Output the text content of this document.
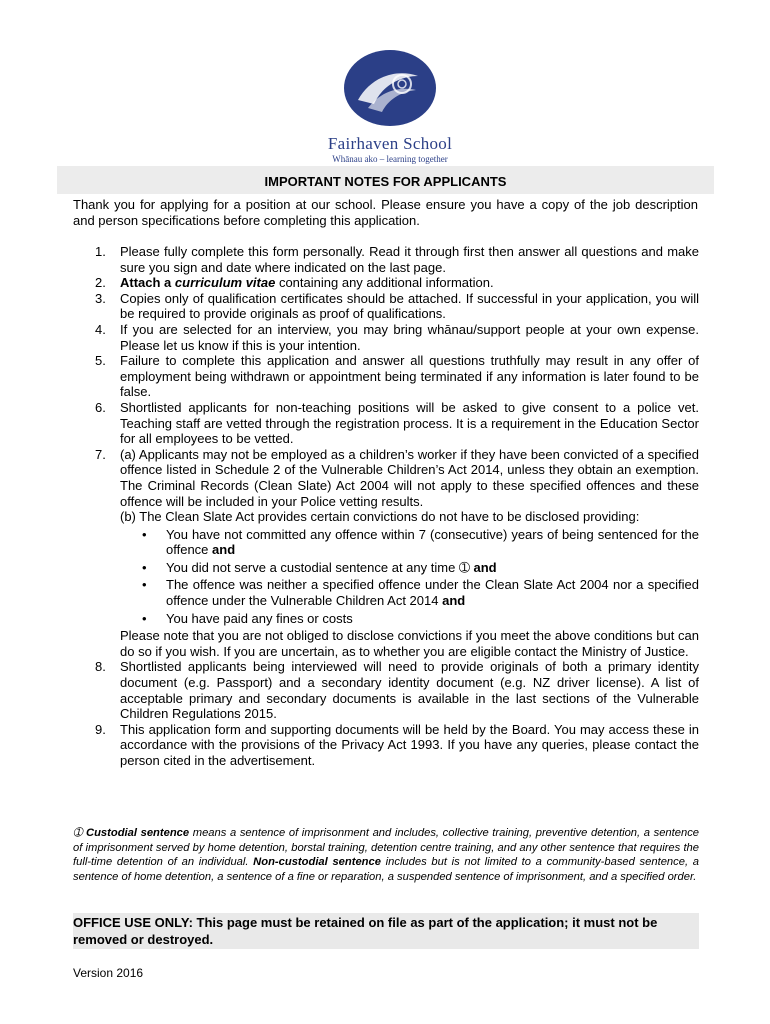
Fairhaven School
Whānau ako – learning together
IMPORTANT NOTES FOR APPLICANTS
Thank you for applying for a position at our school. Please ensure you have a copy of the job description and person specifications before completing this application.
1. Please fully complete this form personally. Read it through first then answer all questions and make sure you sign and date where indicated on the last page.
2. Attach a curriculum vitae containing any additional information.
3. Copies only of qualification certificates should be attached. If successful in your application, you will be required to provide originals as proof of qualifications.
4. If you are selected for an interview, you may bring whānau/support people at your own expense. Please let us know if this is your intention.
5. Failure to complete this application and answer all questions truthfully may result in any offer of employment being withdrawn or appointment being terminated if any information is later found to be false.
6. Shortlisted applicants for non-teaching positions will be asked to give consent to a police vet. Teaching staff are vetted through the registration process. It is a requirement in the Education Sector for all employees to be vetted.
7. (a) Applicants may not be employed as a children’s worker if they have been convicted of a specified offence listed in Schedule 2 of the Vulnerable Children’s Act 2014, unless they obtain an exemption. The Criminal Records (Clean Slate) Act 2004 will not apply to these specified offences and these offence will be included in your Police vetting results.
(b) The Clean Slate Act provides certain convictions do not have to be disclosed providing:
• You have not committed any offence within 7 (consecutive) years of being sentenced for the offence and
• You did not serve a custodial sentence at any time ➀ and
• The offence was neither a specified offence under the Clean Slate Act 2004 nor a specified offence under the Vulnerable Children Act 2014 and
• You have paid any fines or costs
Please note that you are not obliged to disclose convictions if you meet the above conditions but can do so if you wish. If you are uncertain, as to whether you are eligible contact the Ministry of Justice.
8. Shortlisted applicants being interviewed will need to provide originals of both a primary identity document (e.g. Passport) and a secondary identity document (e.g. NZ driver license). A list of acceptable primary and secondary documents is available in the last sections of the Vulnerable Children Regulations 2015.
9. This application form and supporting documents will be held by the Board. You may access these in accordance with the provisions of the Privacy Act 1993. If you have any queries, please contact the person cited in the advertisement.
➀ Custodial sentence means a sentence of imprisonment and includes, collective training, preventive detention, a sentence of imprisonment served by home detention, borstal training, detention centre training, and any other sentence that requires the full-time detention of an individual. Non-custodial sentence includes but is not limited to a community-based sentence, a sentence of home detention, a sentence of a fine or reparation, a suspended sentence of imprisonment, and a specified order.
OFFICE USE ONLY: This page must be retained on file as part of the application; it must not be removed or destroyed.
Version 2016
